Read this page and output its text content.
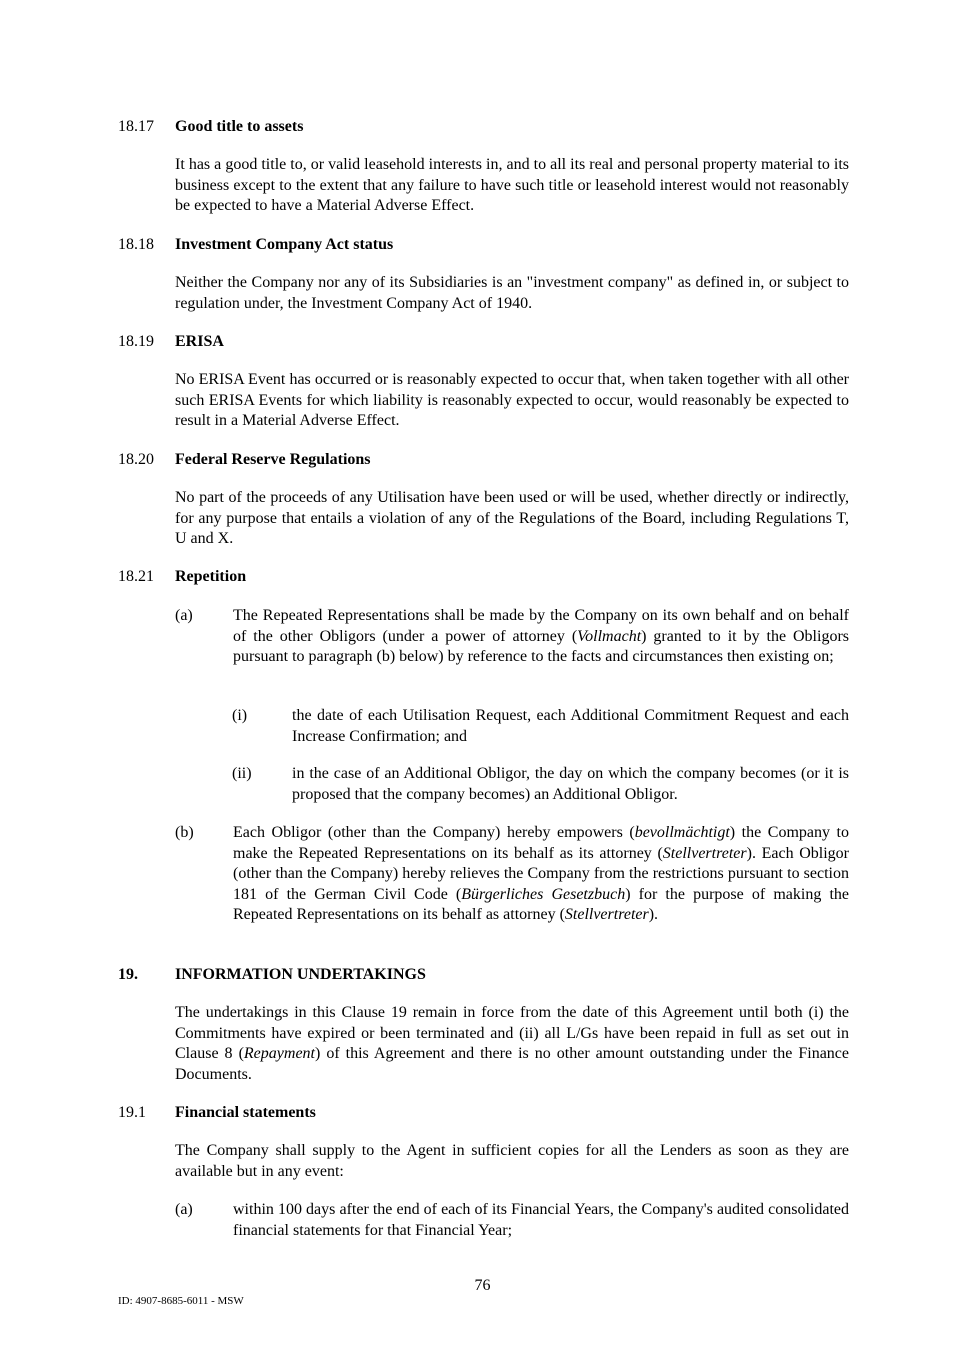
18.17 Good title to assets

It has a good title to, or valid leasehold interests in, and to all its real and personal property material to its business except to the extent that any failure to have such title or leasehold interest would not reasonably be expected to have a Material Adverse Effect.

18.18 Investment Company Act status

Neither the Company nor any of its Subsidiaries is an "investment company" as defined in, or subject to regulation under, the Investment Company Act of 1940.

18.19 ERISA

No ERISA Event has occurred or is reasonably expected to occur that, when taken together with all other such ERISA Events for which liability is reasonably expected to occur, would reasonably be expected to result in a Material Adverse Effect.

18.20 Federal Reserve Regulations

No part of the proceeds of any Utilisation have been used or will be used, whether directly or indirectly, for any purpose that entails a violation of any of the Regulations of the Board, including Regulations T, U and X.

18.21 Repetition
(a)	The Repeated Representations shall be made by the Company on its own behalf and on behalf of the other Obligors (under a power of attorney (Vollmacht) granted to it by the Obligors pursuant to paragraph (b) below) by reference to the facts and circumstances then existing on;

(i)	the date of each Utilisation Request, each Additional Commitment Request and each Increase Confirmation; and

(ii)	in the case of an Additional Obligor, the day on which the company becomes (or it is proposed that the company becomes) an Additional Obligor.

(b) Each Obligor (other than the Company) hereby empowers (bevollmächtigt) the Company to make the Repeated Representations on its behalf as its attorney (Stellvertreter). Each Obligor (other than the Company) hereby relieves the Company from the restrictions pursuant to section 181 of the German Civil Code (Bürgerliches Gesetzbuch) for the purpose of making the Repeated Representations on its behalf as attorney (Stellvertreter).

19. INFORMATION UNDERTAKINGS

The undertakings in this Clause 19 remain in force from the date of this Agreement until both (i) the Commitments have expired or been terminated and (ii) all L/Gs have been repaid in full as set out in Clause 8 (Repayment) of this Agreement and there is no other amount outstanding under the Finance Documents.

19.1 Financial statements

The Company shall supply to the Agent in sufficient copies for all the Lenders as soon as they are available but in any event:

(a)	within 100 days after the end of each of its Financial Years, the Company's audited consolidated financial statements for that Financial Year;

76
ID: 4907-8685-6011 - MSW
